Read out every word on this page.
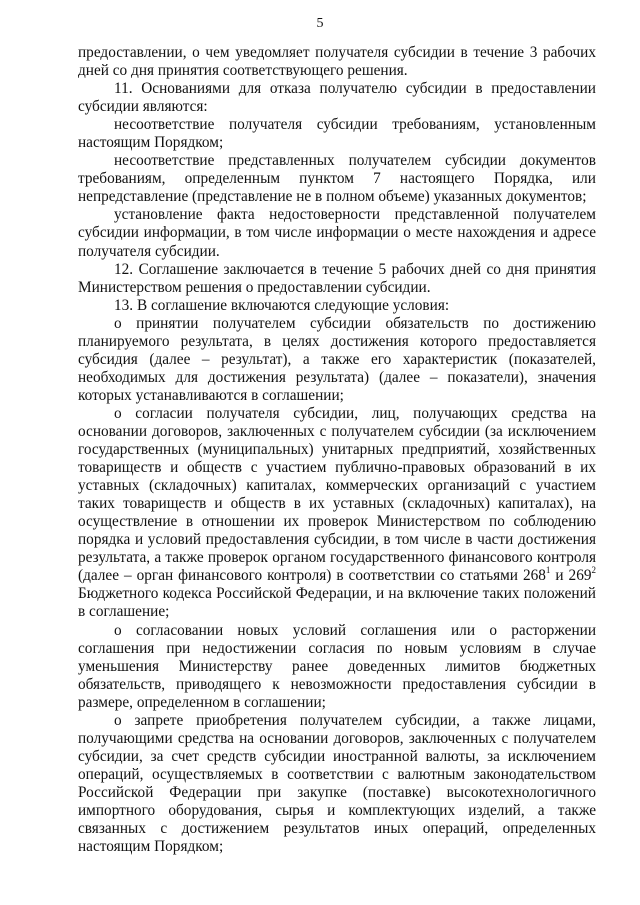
5

предоставлении, о чем уведомляет получателя субсидии в течение 3 рабочих дней со дня принятия соответствующего решения.

11. Основаниями для отказа получателю субсидии в предоставлении субсидии являются:

несоответствие получателя субсидии требованиям, установленным настоящим Порядком;

несоответствие представленных получателем субсидии документов требованиям, определенным пунктом 7 настоящего Порядка, или непредставление (представление не в полном объеме) указанных документов;

установление факта недостоверности представленной получателем субсидии информации, в том числе информации о месте нахождения и адресе получателя субсидии.

12. Соглашение заключается в течение 5 рабочих дней со дня принятия Министерством решения о предоставлении субсидии.

13. В соглашение включаются следующие условия:

о принятии получателем субсидии обязательств по достижению планируемого результата, в целях достижения которого предоставляется субсидия (далее – результат), а также его характеристик (показателей, необходимых для достижения результата) (далее – показатели), значения которых устанавливаются в соглашении;

о согласии получателя субсидии, лиц, получающих средства на основании договоров, заключенных с получателем субсидии (за исключением государственных (муниципальных) унитарных предприятий, хозяйственных товариществ и обществ с участием публично-правовых образований в их уставных (складочных) капиталах, коммерческих организаций с участием таких товариществ и обществ в их уставных (складочных) капиталах), на осуществление в отношении их проверок Министерством по соблюдению порядка и условий предоставления субсидии, в том числе в части достижения результата, а также проверок органом государственного финансового контроля (далее – орган финансового контроля) в соответствии со статьями $268^1$ и $269^2$ Бюджетного кодекса Российской Федерации, и на включение таких положений в соглашение;

о согласовании новых условий соглашения или о расторжении соглашения при недостижении согласия по новым условиям в случае уменьшения Министерству ранее доведенных лимитов бюджетных обязательств, приводящего к невозможности предоставления субсидии в размере, определенном в соглашении;

о запрете приобретения получателем субсидии, а также лицами, получающими средства на основании договоров, заключенных с получателем субсидии, за счет средств субсидии иностранной валюты, за исключением операций, осуществляемых в соответствии с валютным законодательством Российской Федерации при закупке (поставке) высокотехнологичного импортного оборудования, сырья и комплектующих изделий, а также связанных с достижением результатов иных операций, определенных настоящим Порядком;
